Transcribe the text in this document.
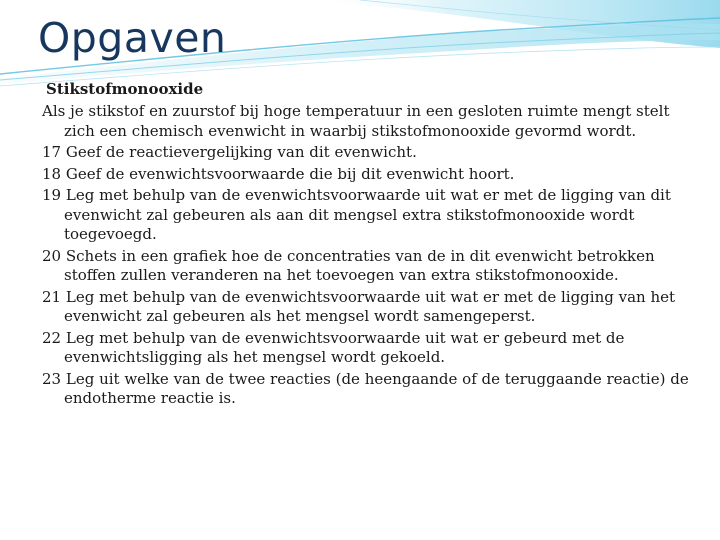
Opgaven

Stikstofmonooxide

Als je stikstof en zuurstof bij hoge temperatuur in een gesloten ruimte mengt stelt zich een chemisch evenwicht in waarbij stikstofmonooxide gevormd wordt.

17 Geef de reactievergelijking van dit evenwicht.

18 Geef de evenwichtsvoorwaarde die bij dit evenwicht hoort.

19 Leg met behulp van de evenwichtsvoorwaarde uit wat er met de ligging van dit evenwicht zal gebeuren als aan dit mengsel extra stikstofmonooxide wordt toegevoegd.

20 Schets in een grafiek hoe de concentraties van de in dit evenwicht betrokken stoffen zullen veranderen na het toevoegen van extra stikstofmonooxide.

21 Leg met behulp van de evenwichtsvoorwaarde uit wat er met de ligging van het evenwicht zal gebeuren als het mengsel wordt samengeperst.

22 Leg met behulp van de evenwichtsvoorwaarde uit wat er gebeurd met de evenwichtsligging als het mengsel wordt gekoeld.

23 Leg uit welke van de twee reacties (de heengaande of de teruggaande reactie) de endotherme reactie is.
